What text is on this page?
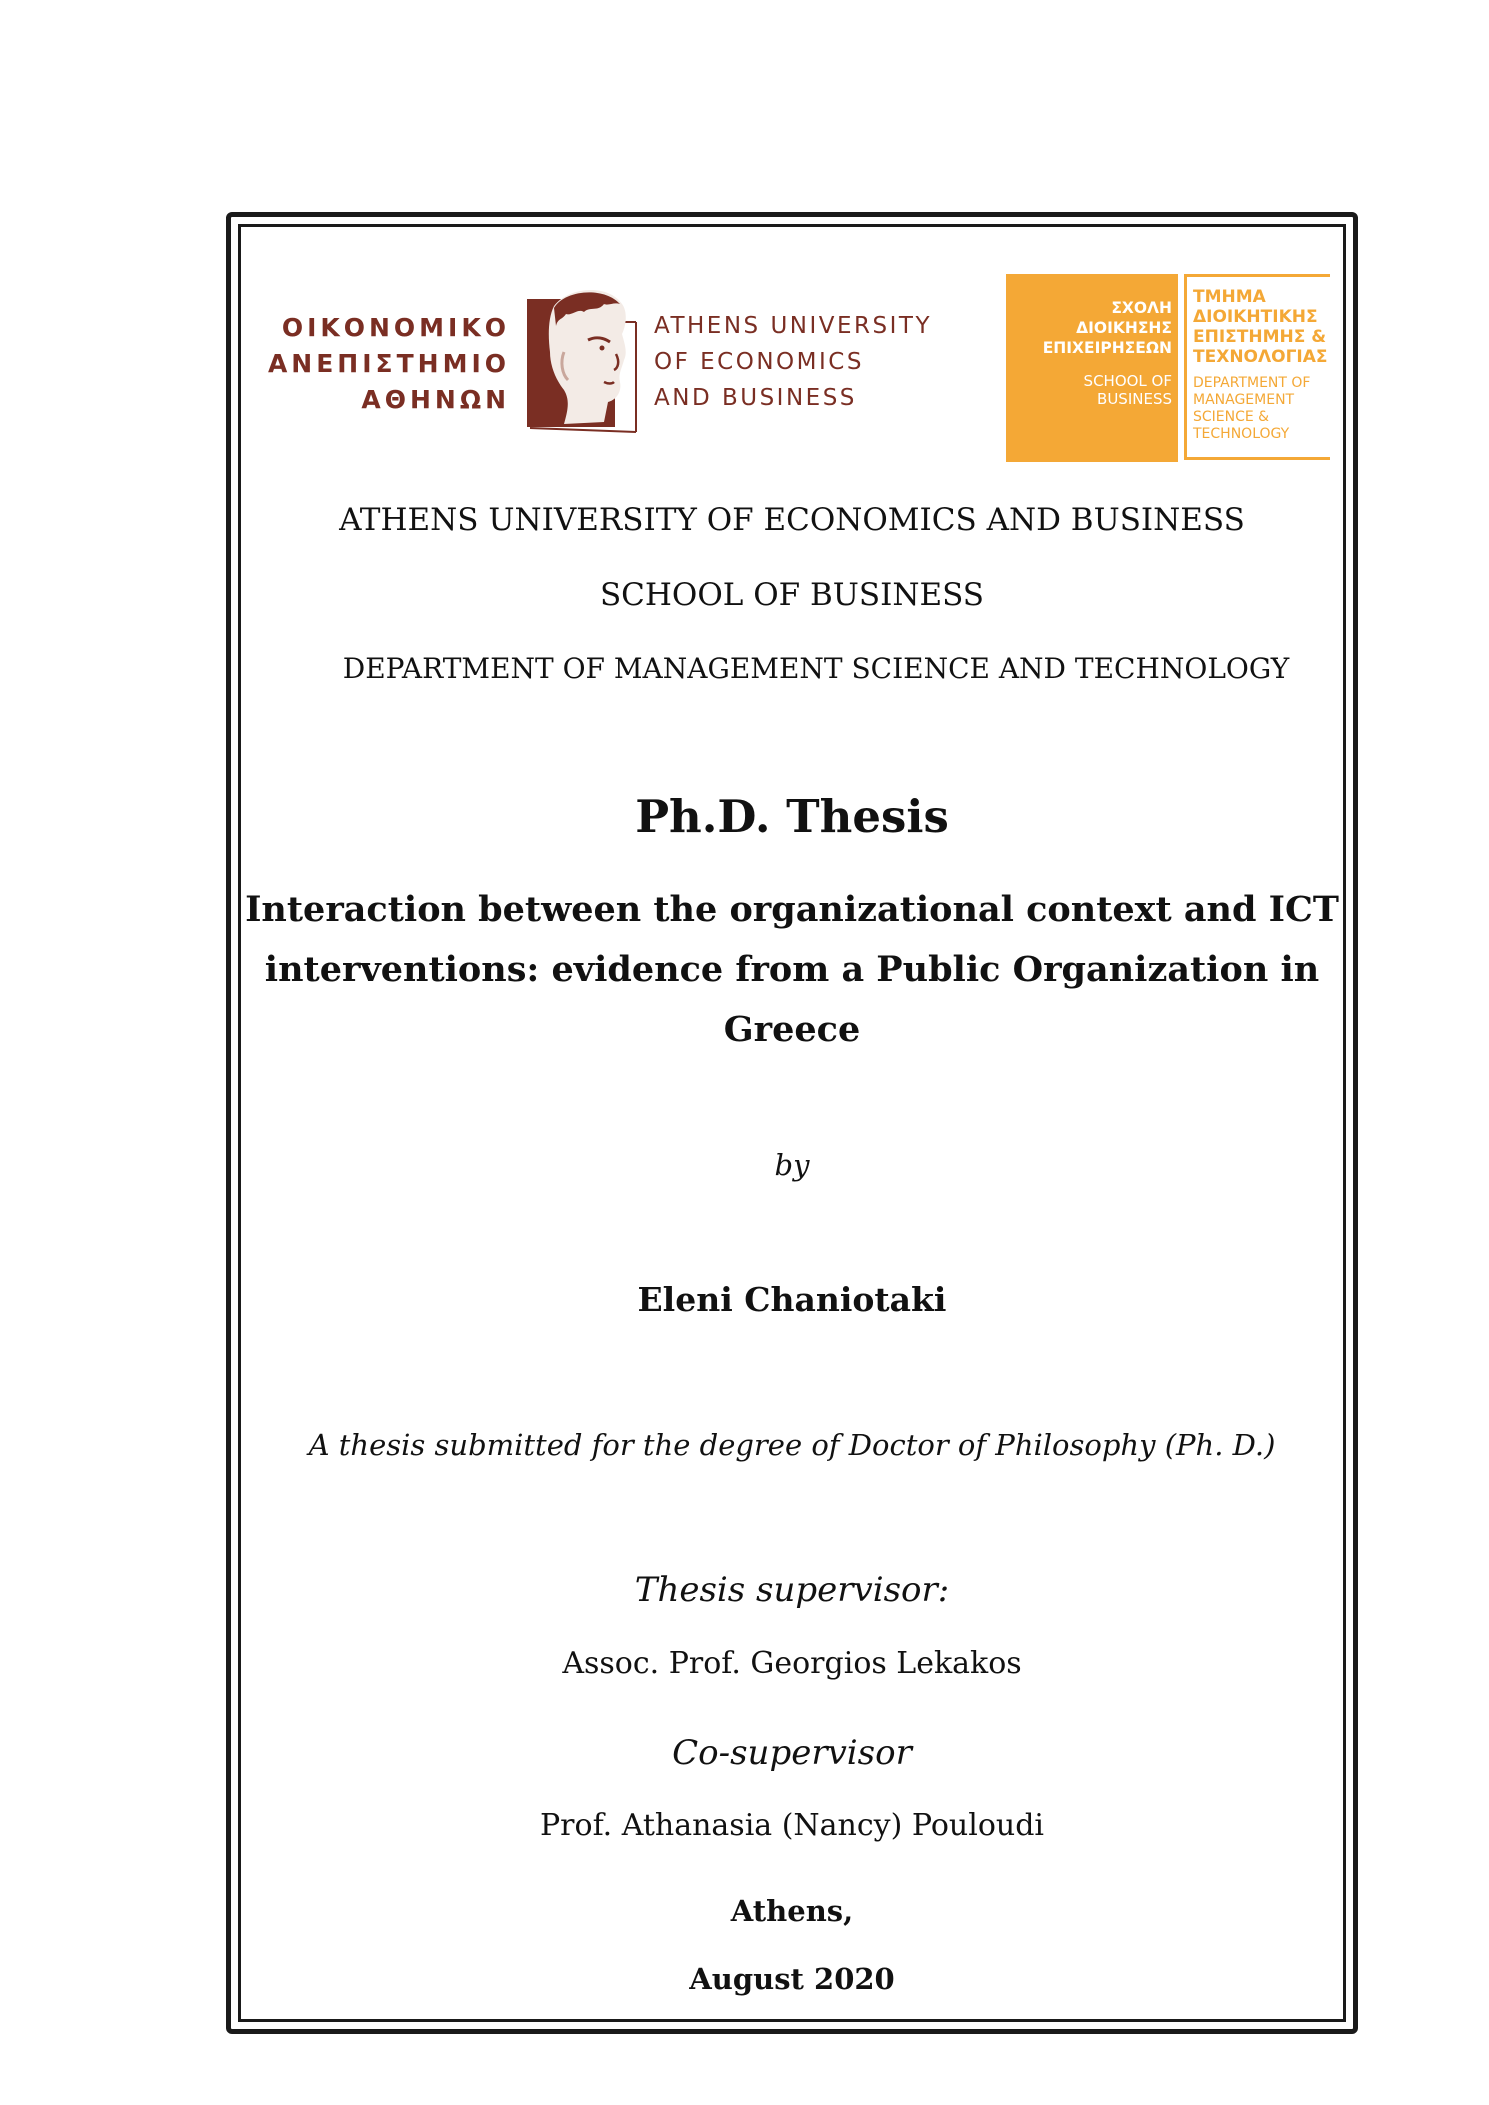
ΟΙΚΟΝΟΜΙΚΟ
ΑΝΕΠΙΣΤΗΜΙΟ
ΑΘΗΝΩΝ
ATHENS UNIVERSITY
OF ECONOMICS
AND BUSINESS
ΣΧΟΛΗ
ΔΙΟΙΚΗΣΗΣ
ΕΠΙΧΕΙΡΗΣΕΩΝ
SCHOOL OF
BUSINESS
ΤΜΗΜΑ
ΔΙΟΙΚΗΤΙΚΗΣ
ΕΠΙΣΤΗΜΗΣ &
ΤΕΧΝΟΛΟΓΙΑΣ
DEPARTMENT OF
MANAGEMENT
SCIENCE &
TECHNOLOGY

ATHENS UNIVERSITY OF ECONOMICS AND BUSINESS

SCHOOL OF BUSINESS

DEPARTMENT OF MANAGEMENT SCIENCE AND TECHNOLOGY

Ph.D. Thesis

Interaction between the organizational context and ICT
interventions: evidence from a Public Organization in
Greece

by

Eleni Chaniotaki

A thesis submitted for the degree of Doctor of Philosophy (Ph. D.)

Thesis supervisor:

Assoc. Prof. Georgios Lekakos

Co-supervisor

Prof. Athanasia (Nancy) Pouloudi

Athens,

August 2020
